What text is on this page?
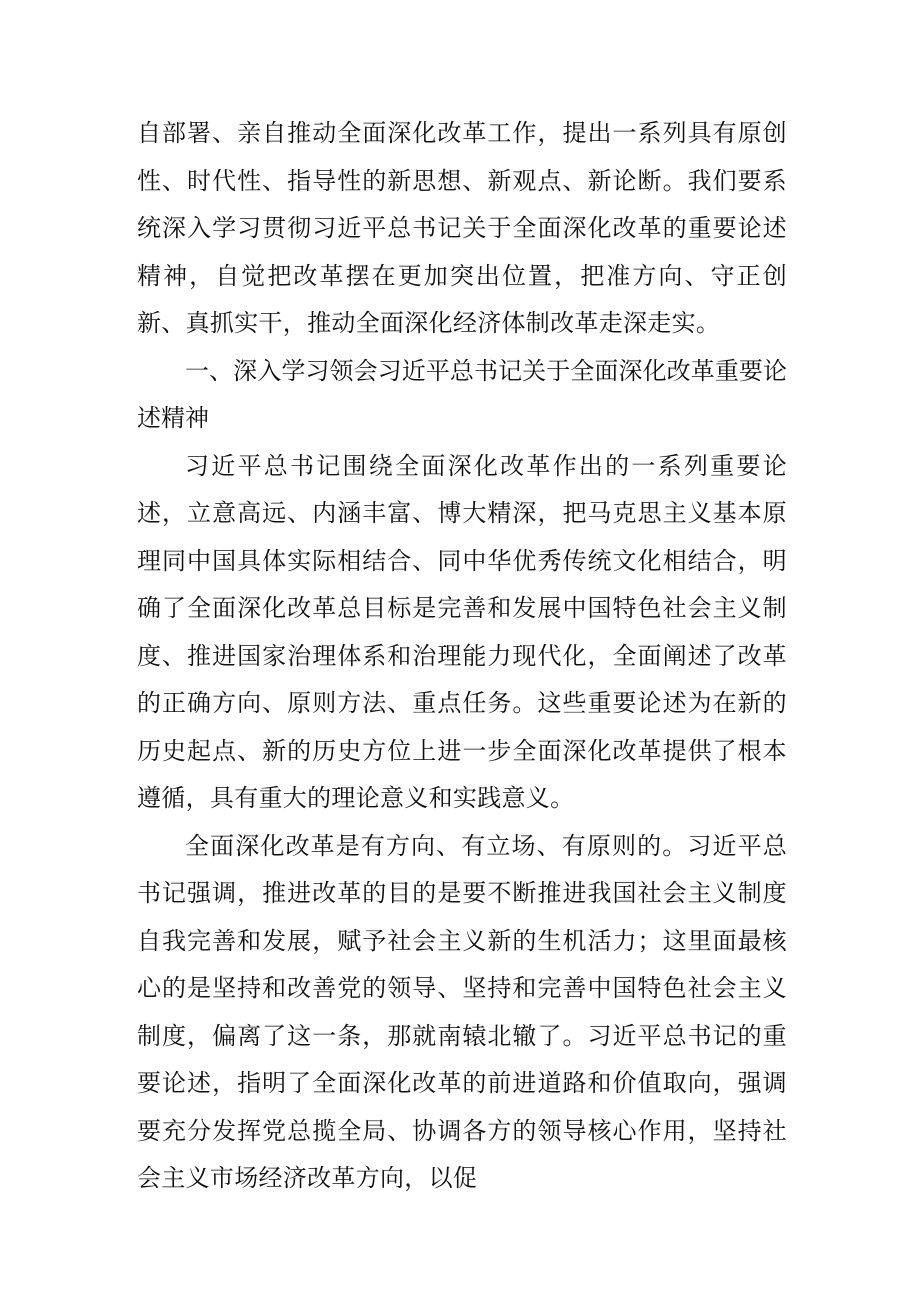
自部署、亲自推动全面深化改革工作，提出一系列具有原创性、时代性、指导性的新思想、新观点、新论断。我们要系统深入学习贯彻习近平总书记关于全面深化改革的重要论述精神，自觉把改革摆在更加突出位置，把准方向、守正创新、真抓实干，推动全面深化经济体制改革走深走实。

一、深入学习领会习近平总书记关于全面深化改革重要论述精神

习近平总书记围绕全面深化改革作出的一系列重要论述，立意高远、内涵丰富、博大精深，把马克思主义基本原理同中国具体实际相结合、同中华优秀传统文化相结合，明确了全面深化改革总目标是完善和发展中国特色社会主义制度、推进国家治理体系和治理能力现代化，全面阐述了改革的正确方向、原则方法、重点任务。这些重要论述为在新的历史起点、新的历史方位上进一步全面深化改革提供了根本遵循，具有重大的理论意义和实践意义。

全面深化改革是有方向、有立场、有原则的。习近平总书记强调，推进改革的目的是要不断推进我国社会主义制度自我完善和发展，赋予社会主义新的生机活力；这里面最核心的是坚持和改善党的领导、坚持和完善中国特色社会主义制度，偏离了这一条，那就南辕北辙了。习近平总书记的重要论述，指明了全面深化改革的前进道路和价值取向，强调要充分发挥党总揽全局、协调各方的领导核心作用，坚持社会主义市场经济改革方向，以促
